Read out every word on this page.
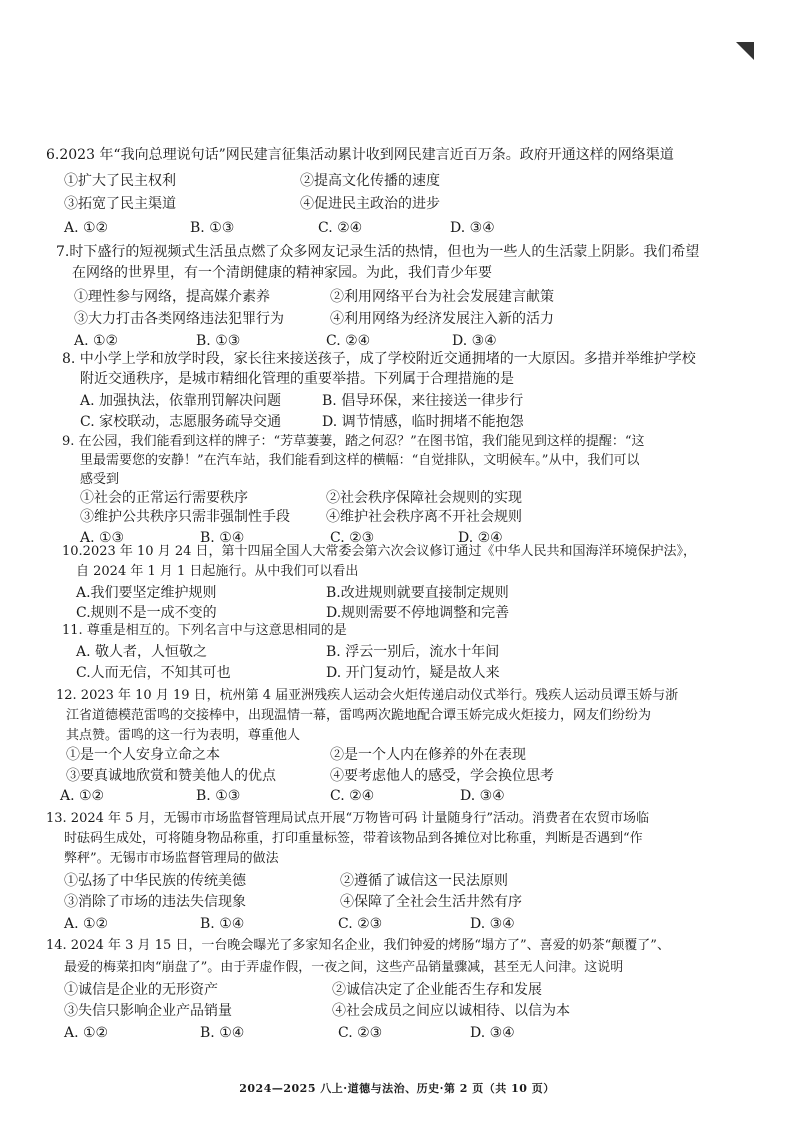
6.2023 年“我向总理说句话”网民建言征集活动累计收到网民建言近百万条。政府开通这样的网络渠道
①扩大了民主权利	②提高文化传播的速度
③拓宽了民主渠道	④促进民主政治的进步
A. ①②	B. ①③	C. ②④	D. ③④
7.时下盛行的短视频式生活虽点燃了众多网友记录生活的热情，但也为一些人的生活蒙上阴影。我们希望
在网络的世界里，有一个清朗健康的精神家园。为此，我们青少年要
①理性参与网络，提高媒介素养	②利用网络平台为社会发展建言献策
③大力打击各类网络违法犯罪行为	④利用网络为经济发展注入新的活力
A. ①②	B. ①③	C. ②④	D. ③④
8. 中小学上学和放学时段，家长往来接送孩子，成了学校附近交通拥堵的一大原因。多措并举维护学校
附近交通秩序，是城市精细化管理的重要举措。下列属于合理措施的是
A. 加强执法，依靠刑罚解决问题	B. 倡导环保，来往接送一律步行
C. 家校联动，志愿服务疏导交通	D. 调节情感，临时拥堵不能抱怨
9. 在公园，我们能看到这样的牌子：“芳草萋萋，踏之何忍？”在图书馆，我们能见到这样的提醒：“这
里最需要您的安静！”在汽车站，我们能看到这样的横幅：“自觉排队，文明候车。”从中，我们可以
感受到
①社会的正常运行需要秩序	②社会秩序保障社会规则的实现
③维护公共秩序只需非强制性手段	④维护社会秩序离不开社会规则
A. ①③	B. ①④	C. ②③	D. ②④
10.2023 年 10 月 24 日，第十四届全国人大常委会第六次会议修订通过《中华人民共和国海洋环境保护法》，
自 2024 年 1 月 1 日起施行。从中我们可以看出
A.我们要坚定维护规则	B.改进规则就要直接制定规则
C.规则不是一成不变的	D.规则需要不停地调整和完善
11. 尊重是相互的。下列名言中与这意思相同的是
A. 敬人者，人恒敬之	B. 浮云一别后，流水十年间
C.人而无信，不知其可也	D. 开门复动竹，疑是故人来
12. 2023 年 10 月 19 日，杭州第 4 届亚洲残疾人运动会火炬传递启动仪式举行。残疾人运动员谭玉娇与浙
江省道德模范雷鸣的交接棒中，出现温情一幕，雷鸣两次跪地配合谭玉娇完成火炬接力，网友们纷纷为
其点赞。雷鸣的这一行为表明，尊重他人
①是一个人安身立命之本	②是一个人内在修养的外在表现
③要真诚地欣赏和赞美他人的优点	④要考虑他人的感受，学会换位思考
A. ①②	B. ①③	C. ②④	D. ③④
13. 2024 年 5 月，无锡市市场监督管理局试点开展“万物皆可码 计量随身行”活动。消费者在农贸市场临
时砝码生成处，可将随身物品称重，打印重量标签，带着该物品到各摊位对比称重，判断是否遇到“作
弊秤”。无锡市市场监督管理局的做法
①弘扬了中华民族的传统美德	②遵循了诚信这一民法原则
③消除了市场的违法失信现象	④保障了全社会生活井然有序
A. ①②	B. ①④	C. ②③	D. ③④
14. 2024 年 3 月 15 日，一台晚会曝光了多家知名企业，我们钟爱的烤肠“塌方了”、喜爱的奶茶“颠覆了”、
最爱的梅菜扣肉“崩盘了”。由于弄虚作假，一夜之间，这些产品销量骤减，甚至无人问津。这说明
①诚信是企业的无形资产	②诚信决定了企业能否生存和发展
③失信只影响企业产品销量	④社会成员之间应以诚相待、以信为本
A. ①②	B. ①④	C. ②③	D. ③④
2024—2025 八上·道德与法治、历史·第 2 页（共 10 页）
